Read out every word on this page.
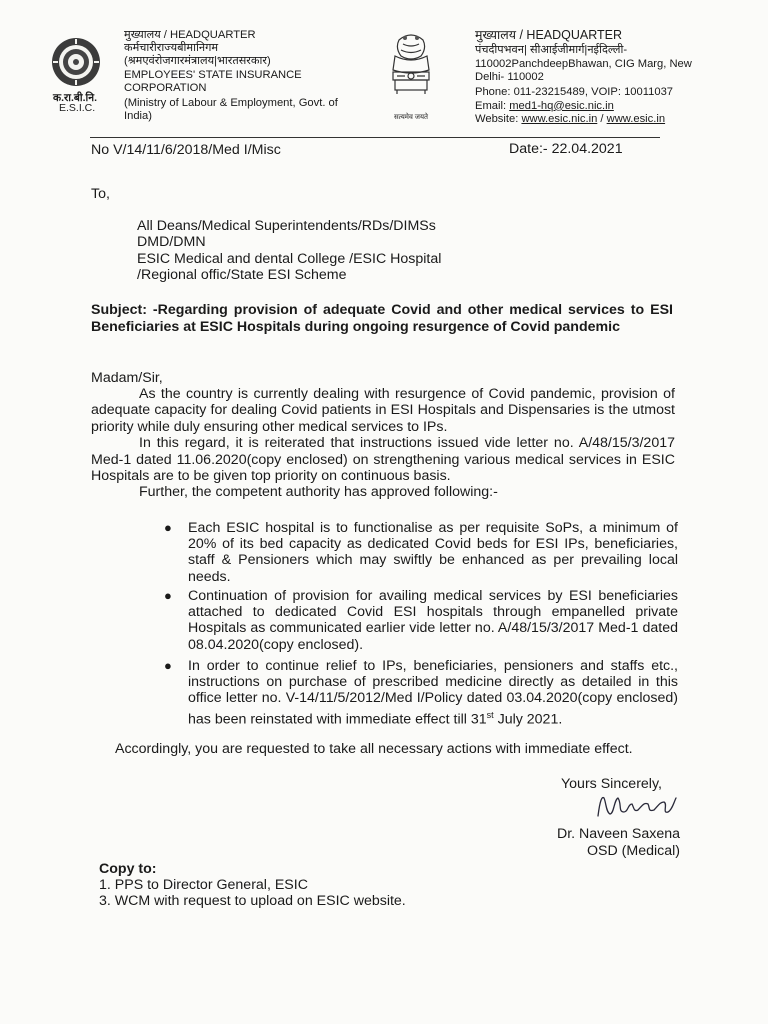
क.रा.बी.नि.
E.S.I.C.
मुख्यालय / HEADQUARTER
कर्मचारीराज्यबीमानिगम
(श्रमएवंरोजगारमंत्रालय|भारतसरकार)
EMPLOYEES' STATE INSURANCE
CORPORATION
(Ministry of Labour & Employment, Govt. of
India)	सत्यमेव जयते
मुख्यालय / HEADQUARTER
पंचदीपभवन| सीआईजीमार्ग|नईदिल्ली-
110002PanchdeepBhawan, CIG Marg, New
Delhi- 110002
Phone: 011-23215489, VOIP: 10011037
Email: med1-hq@esic.nic.in
Website: www.esic.nic.in / www.esic.in
No V/14/11/6/2018/Med I/Misc	Date:- 22.04.2021
To,
All Deans/Medical Superintendents/RDs/DIMSs
DMD/DMN
ESIC Medical and dental College /ESIC Hospital
/Regional offic/State ESI Scheme
Subject: -Regarding provision of adequate Covid and other medical services to ESI Beneficiaries at ESIC Hospitals during ongoing resurgence of Covid pandemic
Madam/Sir,

As the country is currently dealing with resurgence of Covid pandemic, provision of adequate capacity for dealing Covid patients in ESI Hospitals and Dispensaries is the utmost priority while duly ensuring other medical services to IPs.

In this regard, it is reiterated that instructions issued vide letter no. A/48/15/3/2017 Med-1 dated 11.06.2020(copy enclosed) on strengthening various medical services in ESIC Hospitals are to be given top priority on continuous basis.

Further, the competent authority has approved following:-

● Each ESIC hospital is to functionalise as per requisite SoPs, a minimum of 20% of its bed capacity as dedicated Covid beds for ESI IPs, beneficiaries, staff & Pensioners which may swiftly be enhanced as per prevailing local needs.

● Continuation of provision for availing medical services by ESI beneficiaries attached to dedicated Covid ESI hospitals through empanelled private Hospitals as communicated earlier vide letter no. A/48/15/3/2017 Med-1 dated 08.04.2020(copy enclosed).

● In order to continue relief to IPs, beneficiaries, pensioners and staffs etc., instructions on purchase of prescribed medicine directly as detailed in this office letter no. V-14/11/5/2012/Med I/Policy dated 03.04.2020(copy enclosed) has been reinstated with immediate effect till 31st July 2021.

Accordingly, you are requested to take all necessary actions with immediate effect.
Yours Sincerely,
Dr. Naveen Saxena
OSD (Medical)
Copy to:
1. PPS to Director General, ESIC
3. WCM with request to upload on ESIC website.
